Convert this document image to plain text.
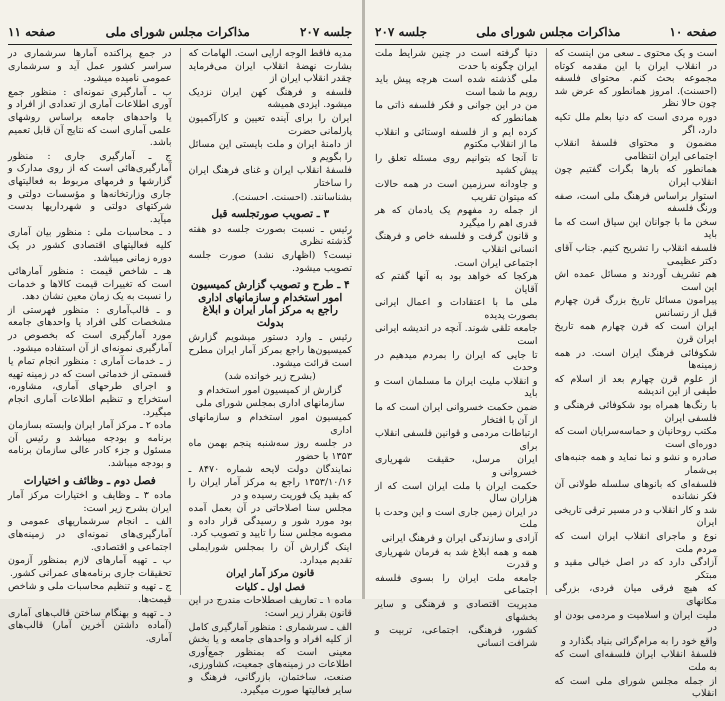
جلسه ۲۰۷
مذاکرات مجلس شورای ملی
صفحه ۱۱

مدیه فاقط الوجه ارایی است. الهامات که بشارت نهضهٔ انقلاب ایران می‌فرماید چقدر انقلاب ایران از

فلسفه و فرهنگ کهن ایران نزدیک میشود. ایزدی همیشه

ایران را برای آینده تعیین و کارآکمیون پارلمانی حضرت

از دامنهٔ ایران و ملت بایستی این مسائل را بگویم و

فلسفهٔ انقلاب ایران و غنای فرهنگ ایران را ساختار

بشناسانند. (احسنت. احسنت).

۳ ـ تصویب صورتجلسه قبل

رئیس ـ نسبت بصورت جلسه دو هفته گذشته نظری

نیست؟ (اظهاری نشد) صورت جلسه تصویب میشود.

۴ ـ طرح و تصویب گزارش کمیسیون امور استخدام و سازمانهای اداری راجع به مرکز آمار ایران و ابلاغ بدولت

رئیس ـ وارد دستور میشویم گزارش کمیسیون‌ها راجع بمرکز آمار ایران مطرح است قرائت میشود.

(بشرح زیر خوانده شد)

گزارش از کمیسیون امور استخدام و

سازمانهای اداری بمجلس شورای ملی

کمیسیون امور استخدام و سازمانهای اداری

در جلسه روز سه‌شنبه پنجم بهمن ماه ۱۳۵۳ با حضور

نمایندگان دولت لایحه شماره ۸۴۷۰ ـ ۱۳۵۳/۱۰/۱۶ راجع به مرکز آمار ایران را که بقید یک فوریت رسیده و در

مجلس سنا اصلاحاتی در آن بعمل آمده بود مورد شور و رسیدگی قرار داده و مصوبه مجلس سنا را تایید و تصویب کرد.

اینک گزارش آن را بمجلس شورایملی تقدیم میدارد.

قانون مرکز آمار ایران

فصل اول ـ کلیات

ماده ۱ ـ تعاریف اصطلاحات مندرج در این قانون بقرار زیر است:

الف ـ سرشماری : منظور آمارگیری کامل از کلیه افراد و واحدهای جامعه و یا بخش معینی است که بمنظور جمع‌آوری اطلاعات در زمینه‌های جمعیت، کشاورزی، صنعت، ساختمان، بازرگانی، فرهنگ و سایر فعالیتها صورت میگیرد.

در جمع پراکنده آمارها سرشماری در سراسر کشور عمل آید و سرشماری عمومی نامیده میشود.

ب ـ آمارگیری نمونه‌ای : منظور جمع آوری اطلاعات آماری از تعدادی از افراد و یا واحدهای جامعه براساس روشهای علمی آماری است که نتایج آن قابل تعمیم باشد.

ج ـ آمارگیری جاری : منظور آمارگیری‌هائی است که از روی مدارک و گزارشها و فرمهای مربوط به فعالیتهای جاری وزارتخانه‌ها و مؤسسات دولتی و شرکتهای دولتی و شهرداریها بدست میآید.

د ـ محاسبات ملی : منظور بیان آماری کلیه فعالیتهای اقتصادی کشور در یک دوره زمانی میباشد.

هـ ـ شاخص قیمت : منظور آمارهائی است که تغییرات قیمت کالاها و خدمات را نسبت به یک زمان معین نشان دهد.

و ـ قالب‌آماری : منظور فهرستی از مشخصات کلی افراد یا واحدهای جامعه مورد آمارگیری است که بخصوص در آمارگیری نمونه‌ای از آن استفاده میشود.

ز ـ خدمات آماری : منظور انجام تمام یا قسمتی از خدماتی است که در زمینه تهیه و اجرای طرحهای آماری، مشاوره، استخراج و تنظیم اطلاعات آماری انجام میگیرد.

ماده ۲ ـ مرکز آمار ایران وابسته بسازمان برنامه و بودجه میباشد و رئیس آن مسئول و جزء کادر عالی سازمان برنامه و بودجه میباشد.

فصل دوم ـ وظائف و اختیارات

ماده ۳ ـ وظایف و اختیارات مرکز آمار ایران بشرح زیر است:

الف ـ انجام سرشماریهای عمومی و آمارگیری‌های نمونه‌ای در زمینه‌های اجتماعی و اقتصادی.

ب ـ تهیه آمارهای لازم بمنظور آزمون تحقیقات جاری برنامه‌های عمرانی کشور.

ج ـ تهیه و تنظیم محاسبات ملی و شاخص قیمت‌ها.

د ـ تهیه و بهنگام ساختن قالب‌های آماری (آماده داشتن آخرین آمار) قالب‌های آماری.

صفحه ۱۰
مذاکرات مجلس شورای ملی
جلسه ۲۰۷

است و یک محتوی ـ سعی من اینست که در انقلاب ایران با این مقدمه کوتاه مجموعه بحث کنم. محتوای فلسفه (احسنت). امروز همانطور که عرض شد چون حالا نظر

دوره مردی است که دنیا بعلم ملل تکیه دارد، اگر

مضمون و محتوای فلسفهٔ انقلاب اجتماعی ایران انتظامی

همانطور که بارها بگرات گفتیم چون انقلاب ایران

استوار براساس فرهنگ ملی است، صفه ورنگ فلسفه

سخن ما با جوانان این سیاق است که ما باید

فلسفه انقلاب را تشریح کنیم. جناب آقای دکتر عظیمی

هم تشریف آوردند و مسائل عمده اش این است

پیرامون مسائل تاریخ بزرگ قرن چهارم قبل از رنسانس

ایران است که قرن چهارم همه تاریخ ایران قرن

شکوفائی فرهنگ ایران است. در همه زمینه‌ها

از علوم قرن چهارم بعد از اسلام که طیفی از این اندیشه

با رنگ‌ها همراه بود شکوفائی فرهنگی و فلسفی ایران

مکتب روحانیان و حماسه‌سرایان است که دوره‌ای است

صادره و نشو و نما نماید و همه جنبه‌های بی‌شمار

فلسفه‌ای که بانوهای سلسله طولانی آن فکر نشانده

شد و کار انقلاب و در مسیر ترقی تاریخی ایران

نوع و ماجرای انقلاب ایران است که مردم ملت

آزادگی دارد که در اصل خیالی مقید و مبتکر

که هیچ فرقی میان فردی، بزرگی مکانهای

ملیت ایران و اسلامیت و مردمی بودن او در

واقع خود را به مرام‌گرائی بنیاد بگذارد و

فلسفهٔ انقلاب ایران فلسفه‌ای است که به ملت

از جمله مجلس شورای ملی است که انقلاب

دنیا گرفته است در چنین شرایط ملت ایران چگونه با حدت

ملی گذشته شده است هرچه پیش باید رویم ما شما است

من در این جوانی و فکر فلسفه ذاتی ما همانطور که

کرده ایم و از فلسفه اوستائی و انقلاب ما از انقلاب مکتوم

تا آنجا که بتوانیم روی مسئله تعلق را پیش کشید

و جاودانه سرزمین است در همه حالات که میتوان تقریب

از جمله رد مفهوم یک یادمان که هر قدری اهم را میگیرد

و قانون گرفت و فلسفه خاص و فرهنگ انسانی انقلاب

اجتماعی ایران است.

هرکجا که خواهد بود به آنها گفتم که آقایان

ملی ما با اعتقادات و اعمال ایرانی بصورت پدیده

جامعه تلقی شوند. آنچه در اندیشه ایرانی است

تا جایی که ایران را بمردم میدهیم در وحدت

و انقلاب ملیت ایران ما مسلمان است و باید

ضمن حکمت خسروانی ایران است که ما از آن با افتخار

ارتباطات مردمی و قوانین فلسفی انقلاب برای

ایران مرسل، حقیقت شهریاری خسروانی و

حکمت ایران با ملت ایران است که از هزاران سال

در ایران زمین جاری است و این وحدت با ملت

آزادی و سازندگی ایران و فرهنگ ایرانی

همه و همه ابلاغ شد به فرمان شهریاری و قدرت

جامعه ملت ایران را بسوی فلسفه اجتماعی

مدیریت اقتصادی و فرهنگی و سایر بخشهای

کشور، فرهنگی، اجتماعی، تربیت و شرافت انسانی
